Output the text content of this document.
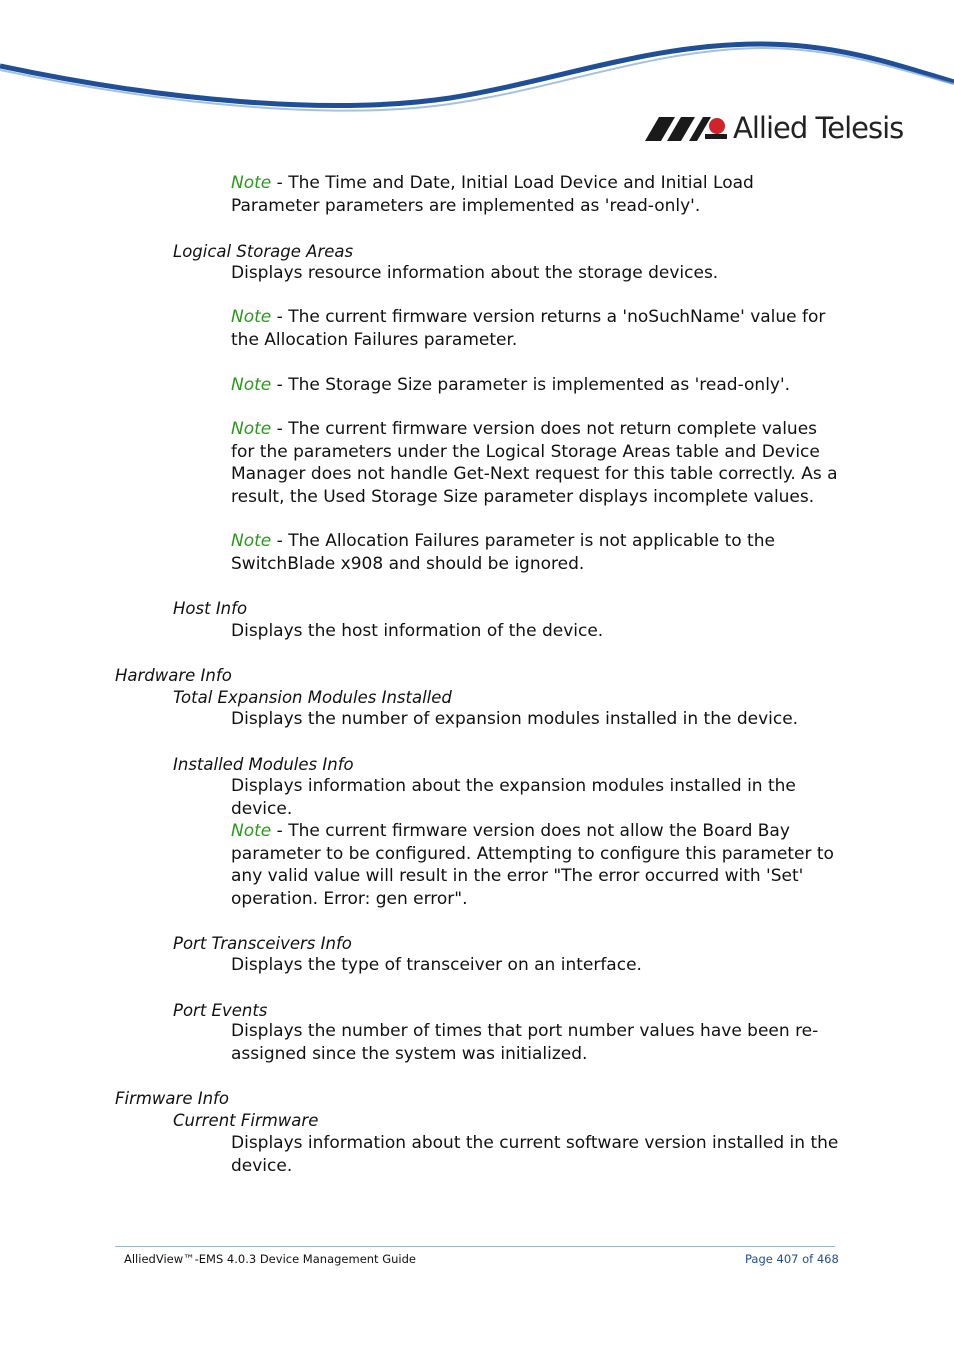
Allied Telesis
Note - The Time and Date, Initial Load Device and Initial Load Parameter parameters are implemented as 'read-only'.
Logical Storage Areas
Displays resource information about the storage devices.
Note - The current firmware version returns a 'noSuchName' value for the Allocation Failures parameter.
Note - The Storage Size parameter is implemented as 'read-only'.
Note - The current firmware version does not return complete values for the parameters under the Logical Storage Areas table and Device Manager does not handle Get-Next request for this table correctly. As a result, the Used Storage Size parameter displays incomplete values.
Note - The Allocation Failures parameter is not applicable to the SwitchBlade x908 and should be ignored.
Host Info
Displays the host information of the device.
Hardware Info
Total Expansion Modules Installed
Displays the number of expansion modules installed in the device.
Installed Modules Info
Displays information about the expansion modules installed in the device.
Note - The current firmware version does not allow the Board Bay parameter to be configured. Attempting to configure this parameter to any valid value will result in the error "The error occurred with 'Set' operation. Error: gen error".
Port Transceivers Info
Displays the type of transceiver on an interface.
Port Events
Displays the number of times that port number values have been re-assigned since the system was initialized.
Firmware Info
Current Firmware
Displays information about the current software version installed in the device.
AlliedView™-EMS 4.0.3 Device Management Guide	Page 407 of 468
